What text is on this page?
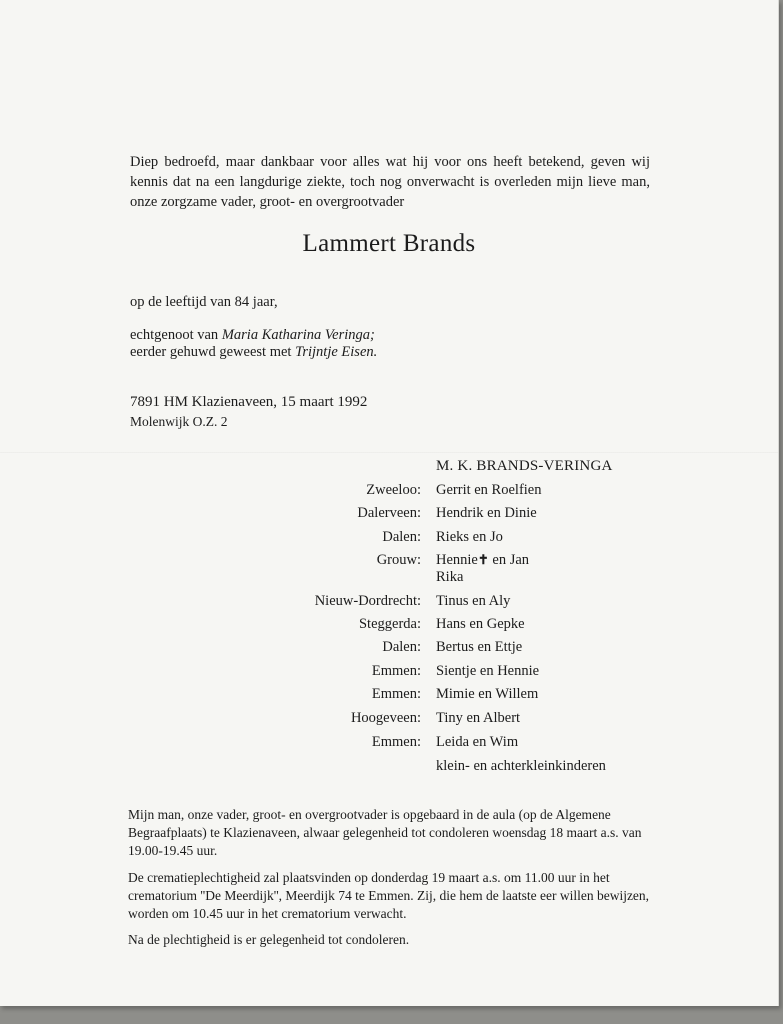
Diep bedroefd, maar dankbaar voor alles wat hij voor ons heeft betekend, geven wij kennis dat na een langdurige ziekte, toch nog onverwacht is overleden mijn lieve man, onze zorgzame vader, groot- en overgrootvader
Lammert Brands
op de leeftijd van 84 jaar,
echtgenoot van Maria Katharina Veringa;
eerder gehuwd geweest met Trijntje Eisen.
7891 HM Klazienaveen, 15 maart 1992
Molenwijk O.Z. 2
M. K. BRANDS-VERINGA
Zweeloo: Gerrit en Roelfien
Dalerveen: Hendrik en Dinie
Dalen: Rieks en Jo
Grouw: Hennie✝ en Jan
Rika
Nieuw-Dordrecht: Tinus en Aly
Steggerda: Hans en Gepke
Dalen: Bertus en Ettje
Emmen: Sientje en Hennie
Emmen: Mimie en Willem
Hoogeveen: Tiny en Albert
Emmen: Leida en Wim
klein- en achterkleinkinderen
Mijn man, onze vader, groot- en overgrootvader is opgebaard in de aula (op de Algemene Begraafplaats) te Klazienaveen, alwaar gelegenheid tot condoleren woensdag 18 maart a.s. van 19.00-19.45 uur.
De crematieplechtigheid zal plaatsvinden op donderdag 19 maart a.s. om 11.00 uur in het crematorium ''De Meerdijk'', Meerdijk 74 te Emmen. Zij, die hem de laatste eer willen bewijzen, worden om 10.45 uur in het crematorium verwacht.
Na de plechtigheid is er gelegenheid tot condoleren.
